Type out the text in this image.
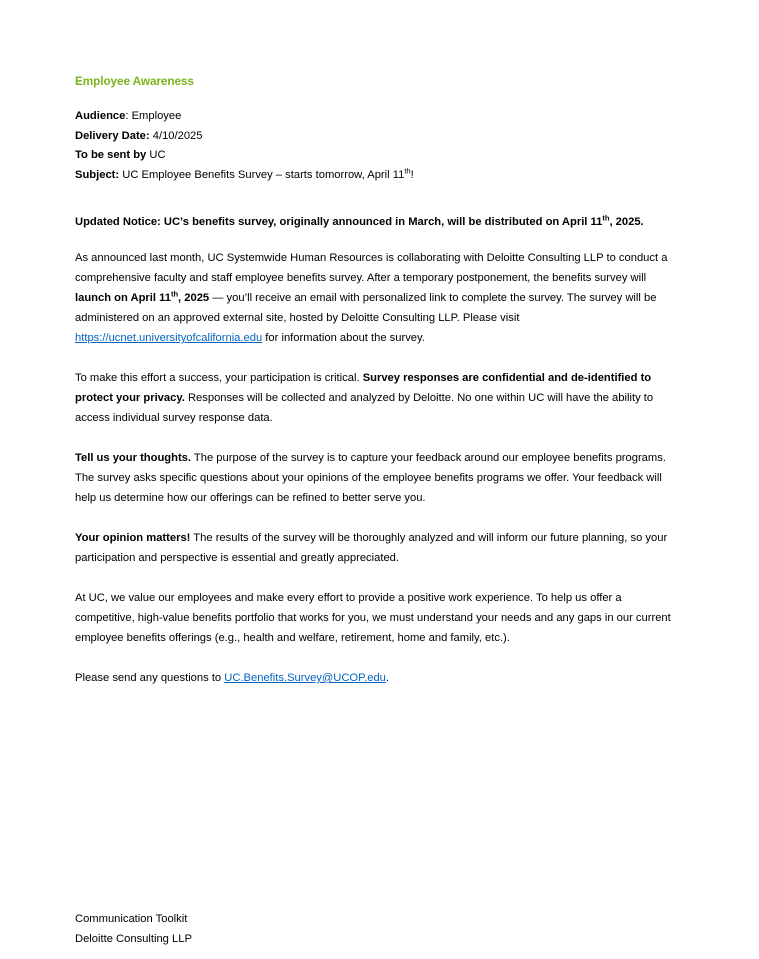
Employee Awareness
Audience: Employee
Delivery Date: 4/10/2025
To be sent by UC
Subject: UC Employee Benefits Survey – starts tomorrow, April 11th!
Updated Notice: UC’s benefits survey, originally announced in March, will be distributed on April 11th, 2025.
As announced last month, UC Systemwide Human Resources is collaborating with Deloitte Consulting LLP to conduct a comprehensive faculty and staff employee benefits survey. After a temporary postponement, the benefits survey will launch on April 11th, 2025 — you’ll receive an email with personalized link to complete the survey. The survey will be administered on an approved external site, hosted by Deloitte Consulting LLP. Please visit https://ucnet.universityofcalifornia.edu for information about the survey.
To make this effort a success, your participation is critical. Survey responses are confidential and de-identified to protect your privacy. Responses will be collected and analyzed by Deloitte. No one within UC will have the ability to access individual survey response data.
Tell us your thoughts. The purpose of the survey is to capture your feedback around our employee benefits programs. The survey asks specific questions about your opinions of the employee benefits programs we offer. Your feedback will help us determine how our offerings can be refined to better serve you.
Your opinion matters! The results of the survey will be thoroughly analyzed and will inform our future planning, so your participation and perspective is essential and greatly appreciated.
At UC, we value our employees and make every effort to provide a positive work experience. To help us offer a competitive, high-value benefits portfolio that works for you, we must understand your needs and any gaps in our current employee benefits offerings (e.g., health and welfare, retirement, home and family, etc.).
Please send any questions to UC.Benefits.Survey@UCOP.edu.
Communication Toolkit
Deloitte Consulting LLP
